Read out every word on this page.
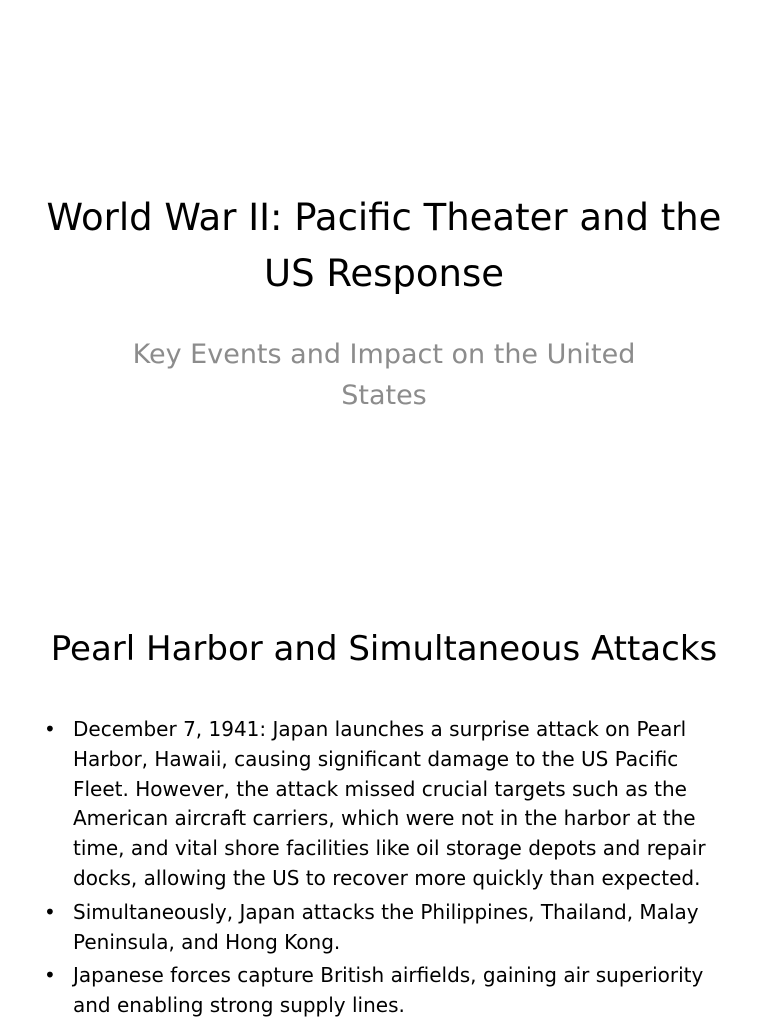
World War II: Pacific Theater and the US Response

Key Events and Impact on the United States

Pearl Harbor and Simultaneous Attacks
• December 7, 1941: Japan launches a surprise attack on Pearl Harbor, Hawaii, causing significant damage to the US Pacific Fleet. However, the attack missed crucial targets such as the American aircraft carriers, which were not in the harbor at the time, and vital shore facilities like oil storage depots and repair docks, allowing the US to recover more quickly than expected.
• Simultaneously, Japan attacks the Philippines, Thailand, Malay Peninsula, and Hong Kong.
• Japanese forces capture British airfields, gaining air superiority and enabling strong supply lines.
